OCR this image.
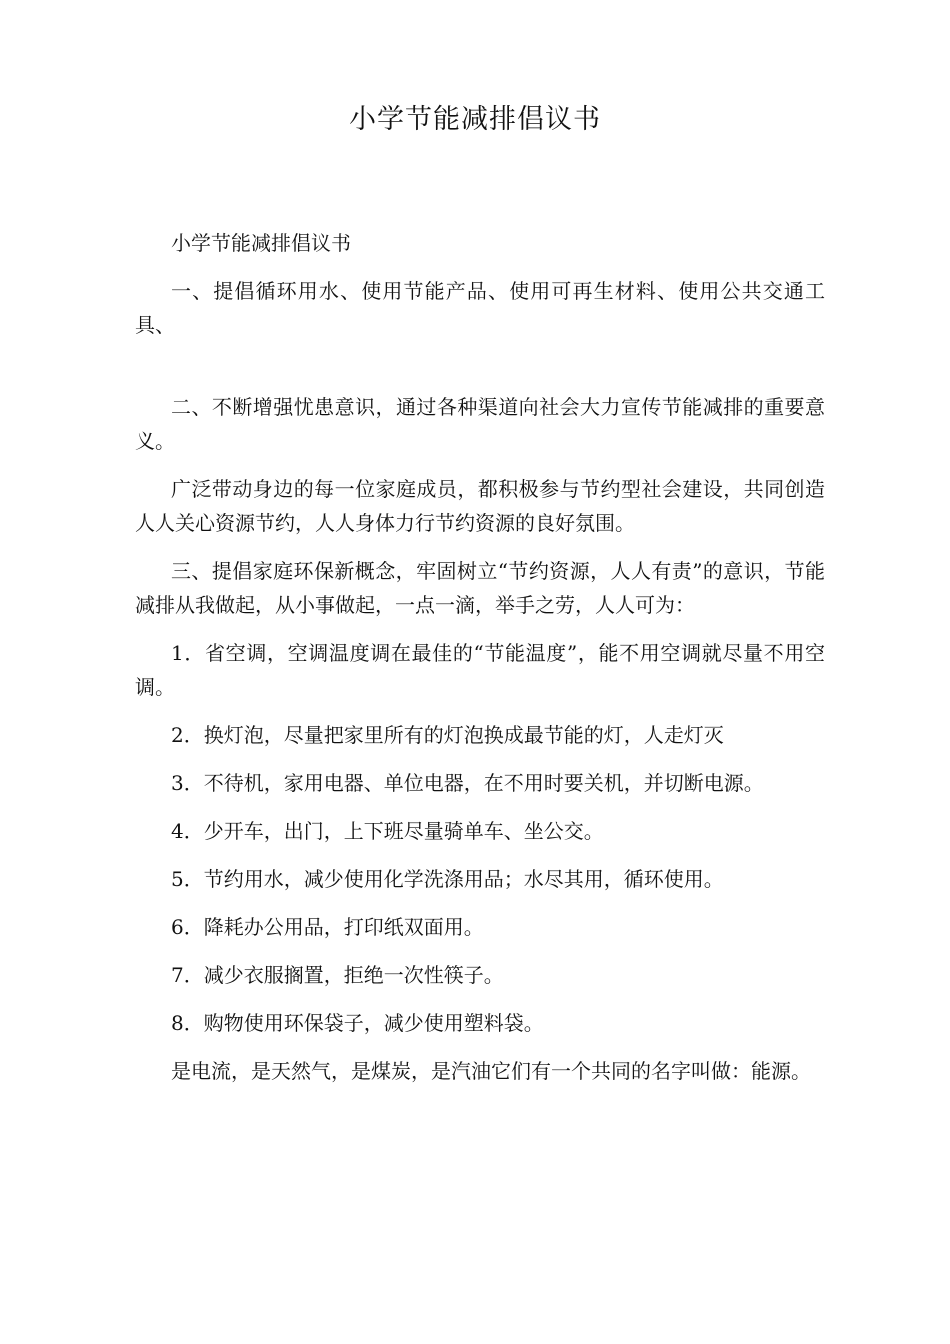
小学节能减排倡议书

小学节能减排倡议书

一、提倡循环用水、使用节能产品、使用可再生材料、使用公共交通工具、

二、不断增强忧患意识，通过各种渠道向社会大力宣传节能减排的重要意义。

广泛带动身边的每一位家庭成员，都积极参与节约型社会建设，共同创造人人关心资源节约，人人身体力行节约资源的良好氛围。

三、提倡家庭环保新概念，牢固树立“节约资源，人人有责”的意识，节能减排从我做起，从小事做起，一点一滴，举手之劳，人人可为：

1．省空调，空调温度调在最佳的“节能温度”，能不用空调就尽量不用空调。

2．换灯泡，尽量把家里所有的灯泡换成最节能的灯，人走灯灭

3．不待机，家用电器、单位电器，在不用时要关机，并切断电源。

4．少开车，出门，上下班尽量骑单车、坐公交。

5．节约用水，减少使用化学洗涤用品；水尽其用，循环使用。

6．降耗办公用品，打印纸双面用。

7．减少衣服搁置，拒绝一次性筷子。

8．购物使用环保袋子，减少使用塑料袋。

是电流，是天然气，是煤炭，是汽油它们有一个共同的名字叫做：能源。
